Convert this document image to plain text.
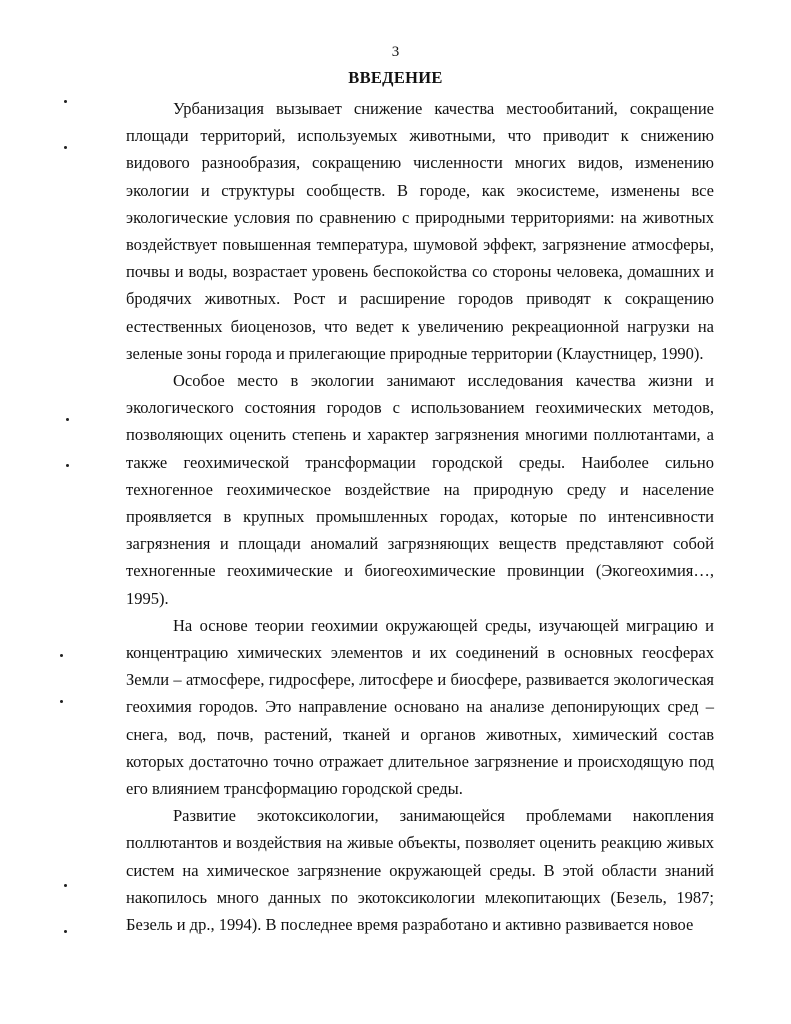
3
ВВЕДЕНИЕ

Урбанизация вызывает снижение качества местообитаний, сокращение площади территорий, используемых животными, что приводит к снижению видового разнообразия, сокращению численности многих видов, изменению экологии и структуры сообществ. В городе, как экосистеме, изменены все экологические условия по сравнению с природными территориями: на животных воздействует повышенная температура, шумовой эффект, загрязнение атмосферы, почвы и воды, возрастает уровень беспокойства со стороны человека, домашних и бродячих животных. Рост и расширение городов приводят к сокращению естественных биоценозов, что ведет к увеличению рекреационной нагрузки на зеленые зоны города и прилегающие природные территории (Клаустницер, 1990).

Особое место в экологии занимают исследования качества жизни и экологического состояния городов с использованием геохимических методов, позволяющих оценить степень и характер загрязнения многими поллютантами, а также геохимической трансформации городской среды. Наиболее сильно техногенное геохимическое воздействие на природную среду и население проявляется в крупных промышленных городах, которые по интенсивности загрязнения и площади аномалий загрязняющих веществ представляют собой техногенные геохимические и биогеохимические провинции (Экогеохимия…, 1995).

На основе теории геохимии окружающей среды, изучающей миграцию и концентрацию химических элементов и их соединений в основных геосферах Земли – атмосфере, гидросфере, литосфере и биосфере, развивается экологическая геохимия городов. Это направление основано на анализе депонирующих сред – снега, вод, почв, растений, тканей и органов животных, химический состав которых достаточно точно отражает длительное загрязнение и происходящую под его влиянием трансформацию городской среды.

Развитие экотоксикологии, занимающейся проблемами накопления поллютантов и воздействия на живые объекты, позволяет оценить реакцию живых систем на химическое загрязнение окружающей среды. В этой области знаний накопилось много данных по экотоксикологии млекопитающих (Безель, 1987; Безель и др., 1994). В последнее время разработано и активно развивается новое
